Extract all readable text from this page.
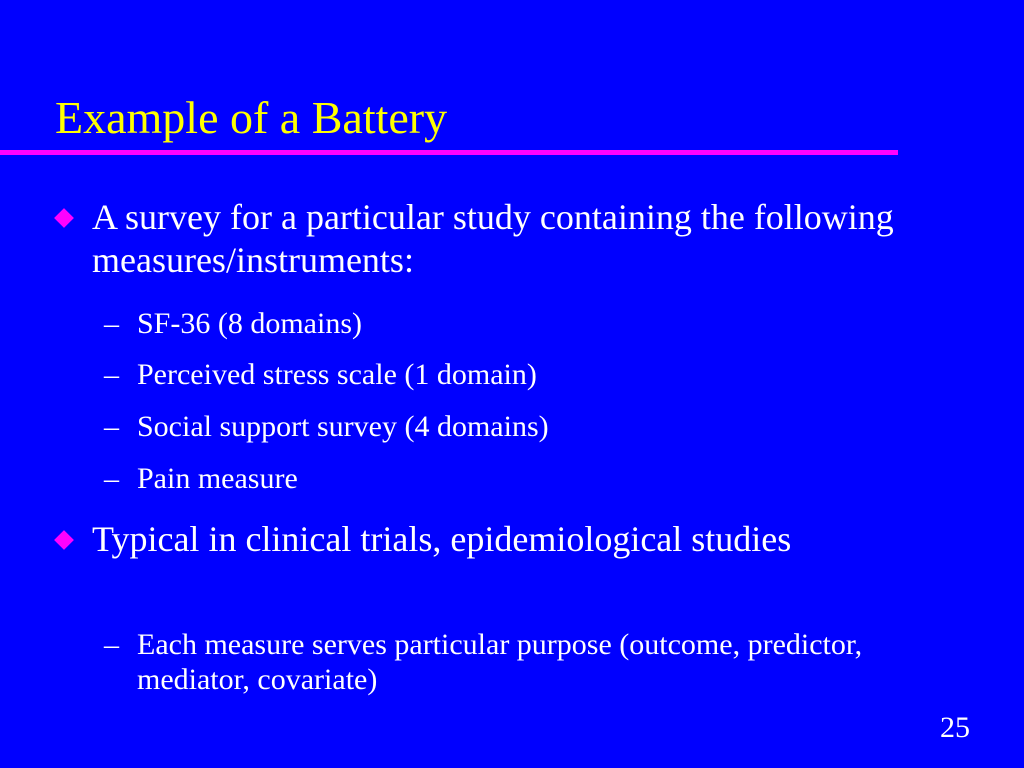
Example of a Battery
A survey for a particular study containing the following measures/instruments:
– SF-36 (8 domains)
– Perceived stress scale (1 domain)
– Social support survey (4 domains)
– Pain measure
Typical in clinical trials, epidemiological studies
– Each measure serves particular purpose (outcome, predictor, mediator, covariate)
25
